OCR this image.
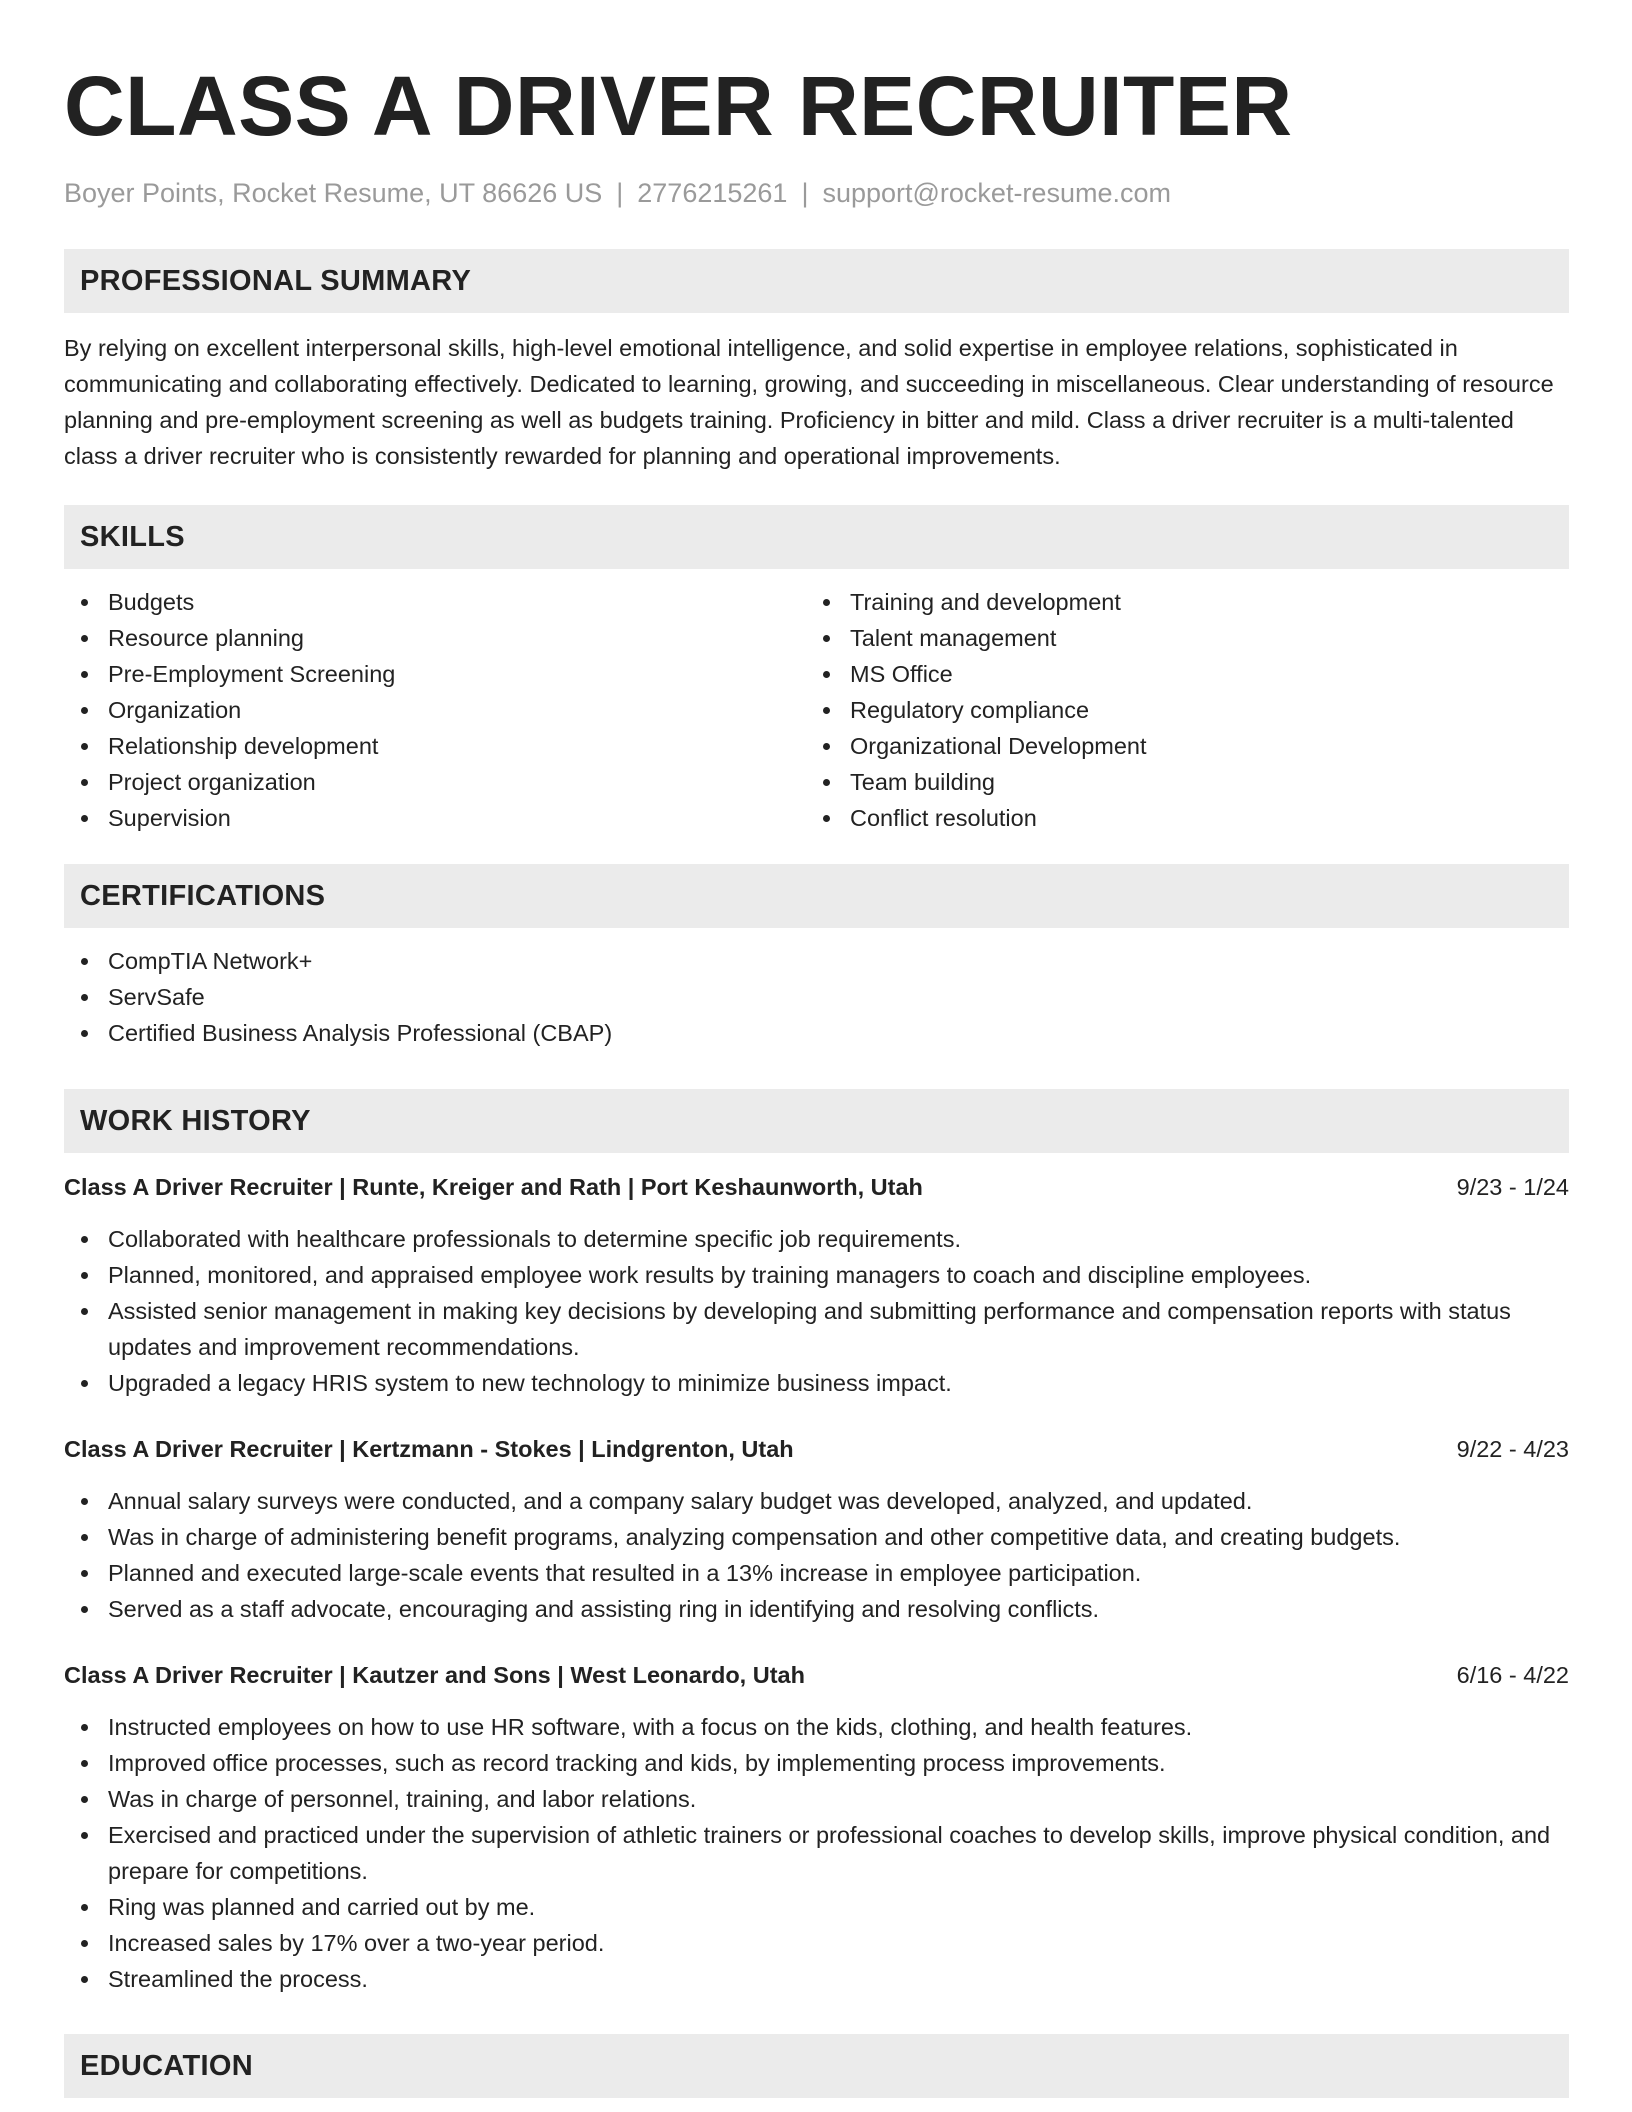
CLASS A DRIVER RECRUITER
Boyer Points, Rocket Resume, UT 86626 US | 2776215261 | support@rocket-resume.com
PROFESSIONAL SUMMARY

By relying on excellent interpersonal skills, high-level emotional intelligence, and solid expertise in employee relations, sophisticated in communicating and collaborating effectively. Dedicated to learning, growing, and succeeding in miscellaneous. Clear understanding of resource planning and pre-employment screening as well as budgets training. Proficiency in bitter and mild. Class a driver recruiter is a multi-talented class a driver recruiter who is consistently rewarded for planning and operational improvements.

SKILLS
Budgets
Resource planning
Pre-Employment Screening
Organization
Relationship development
Project organization
Supervision
Training and development
Talent management
MS Office
Regulatory compliance
Organizational Development
Team building
Conflict resolution
CERTIFICATIONS
CompTIA Network+
ServSafe
Certified Business Analysis Professional (CBAP)
WORK HISTORY
Class A Driver Recruiter | Runte, Kreiger and Rath | Port Keshaunworth, Utah	9/23 - 1/24
Collaborated with healthcare professionals to determine specific job requirements.
Planned, monitored, and appraised employee work results by training managers to coach and discipline employees.
Assisted senior management in making key decisions by developing and submitting performance and compensation reports with status updates and improvement recommendations.
Upgraded a legacy HRIS system to new technology to minimize business impact.
Class A Driver Recruiter | Kertzmann - Stokes | Lindgrenton, Utah	9/22 - 4/23
Annual salary surveys were conducted, and a company salary budget was developed, analyzed, and updated.
Was in charge of administering benefit programs, analyzing compensation and other competitive data, and creating budgets.
Planned and executed large-scale events that resulted in a 13% increase in employee participation.
Served as a staff advocate, encouraging and assisting ring in identifying and resolving conflicts.
Class A Driver Recruiter | Kautzer and Sons | West Leonardo, Utah	6/16 - 4/22
Instructed employees on how to use HR software, with a focus on the kids, clothing, and health features.
Improved office processes, such as record tracking and kids, by implementing process improvements.
Was in charge of personnel, training, and labor relations.
Exercised and practiced under the supervision of athletic trainers or professional coaches to develop skills, improve physical condition, and prepare for competitions.
Ring was planned and carried out by me.
Increased sales by 17% over a two-year period.
Streamlined the process.
EDUCATION
